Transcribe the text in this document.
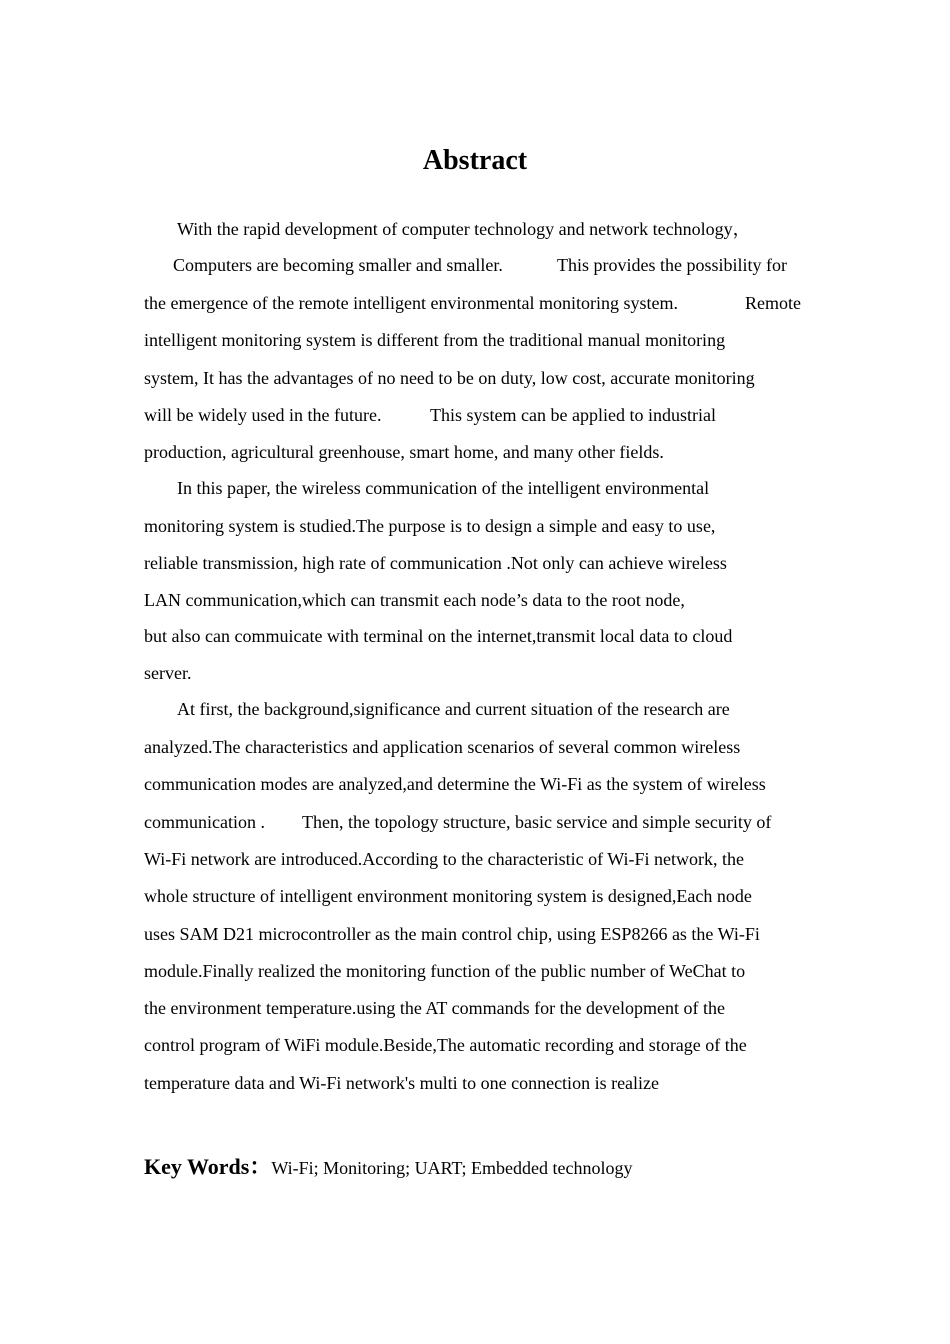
Abstract
With the rapid development of computer technology and network technology，
Computers are becoming smaller and smaller.	This provides the possibility for
the emergence of the remote intelligent environmental monitoring system.	Remote
intelligent monitoring system is different from the traditional manual monitoring
system, It has the advantages of no need to be on duty, low cost, accurate monitoring
will be widely used in the future.	This system can be applied to industrial
production, agricultural greenhouse, smart home, and many other fields.
In this paper, the wireless communication of the intelligent environmental
monitoring system is studied.The purpose is to design a simple and easy to use,
reliable transmission, high rate of communication .Not only can achieve wireless
LAN communication,which can transmit each node’s data to the root node,
but also can commuicate with terminal on the internet,transmit local data to cloud
server.
At first, the background,significance and current situation of the research are
analyzed.The characteristics and application scenarios of several common wireless
communication modes are analyzed,and determine the Wi-Fi as the system of wireless
communication . Then, the topology structure, basic service and simple security of
Wi-Fi network are introduced.According to the characteristic of Wi-Fi network, the
whole structure of intelligent environment monitoring system is designed,Each node
uses SAM D21 microcontroller as the main control chip, using ESP8266 as the Wi-Fi
module.Finally realized the monitoring function of the public number of WeChat to
the environment temperature.using the AT commands for the development of the
control program of WiFi module.Beside,The automatic recording and storage of the
temperature data and Wi-Fi network's multi to one connection is realize
Key Words：Wi-Fi; Monitoring; UART; Embedded technology
